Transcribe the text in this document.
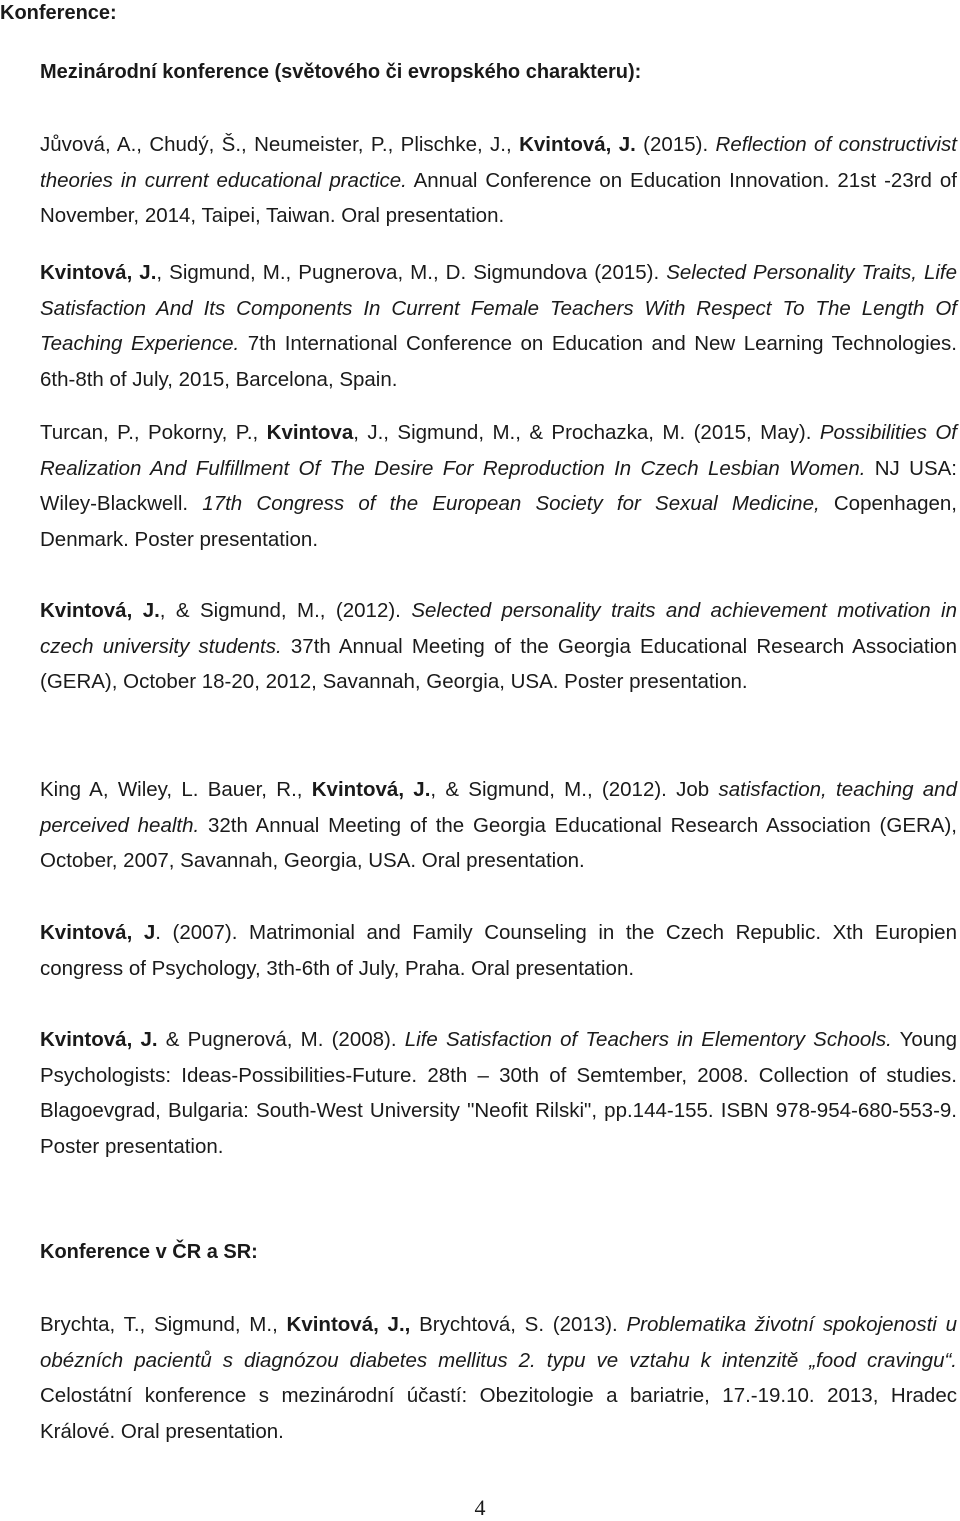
Konference:
Mezinárodní konference (světového či evropského charakteru):

Jůvová, A., Chudý, Š., Neumeister, P., Plischke, J., Kvintová, J. (2015). Reflection of constructivist theories in current educational practice. Annual Conference on Education Innovation. 21st -23rd of November, 2014, Taipei, Taiwan. Oral presentation.

Kvintová, J., Sigmund, M., Pugnerova, M., D. Sigmundova (2015). Selected Personality Traits, Life Satisfaction And Its Components In Current Female Teachers With Respect To The Length Of Teaching Experience. 7th International Conference on Education and New Learning Technologies. 6th-8th of July, 2015, Barcelona, Spain.

Turcan, P., Pokorny, P., Kvintova, J., Sigmund, M., & Prochazka, M. (2015, May). Possibilities Of Realization And Fulfillment Of The Desire For Reproduction In Czech Lesbian Women. NJ USA: Wiley-Blackwell. 17th Congress of the European Society for Sexual Medicine, Copenhagen, Denmark. Poster presentation.

Kvintová, J., & Sigmund, M., (2012). Selected personality traits and achievement motivation in czech university students. 37th Annual Meeting of the Georgia Educational Research Association (GERA), October 18-20, 2012, Savannah, Georgia, USA. Poster presentation.

King A, Wiley, L. Bauer, R., Kvintová, J., & Sigmund, M., (2012). Job satisfaction, teaching and perceived health. 32th Annual Meeting of the Georgia Educational Research Association (GERA), October, 2007, Savannah, Georgia, USA. Oral presentation.

Kvintová, J. (2007). Matrimonial and Family Counseling in the Czech Republic. Xth Europien congress of Psychology, 3th-6th of July, Praha. Oral presentation.

Kvintová, J. & Pugnerová, M. (2008). Life Satisfaction of Teachers in Elementory Schools. Young Psychologists: Ideas-Possibilities-Future. 28th – 30th of Semtember, 2008. Collection of studies. Blagoevgrad, Bulgaria: South-West University "Neofit Rilski", pp.144-155. ISBN 978-954-680-553-9. Poster presentation.

Konference v ČR a SR:

Brychta, T., Sigmund, M., Kvintová, J., Brychtová, S. (2013). Problematika životní spokojenosti u obézních pacientů s diagnózou diabetes mellitus 2. typu ve vztahu k intenzitě „food cravingu“. Celostátní konference s mezinárodní účastí: Obezitologie a bariatrie, 17.-19.10. 2013, Hradec Králové. Oral presentation.

4
